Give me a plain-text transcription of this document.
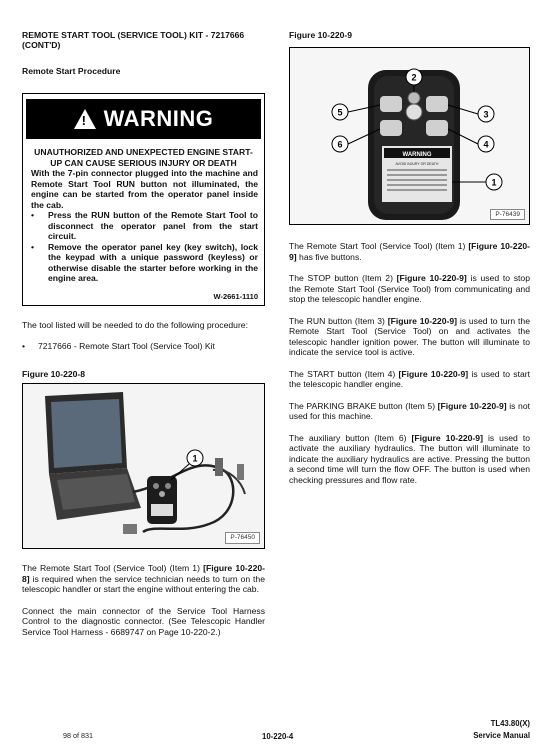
REMOTE START TOOL (SERVICE TOOL) KIT - 7217666 (CONT'D)
Remote Start Procedure
! WARNING
UNAUTHORIZED AND UNEXPECTED ENGINE START-UP CAN CAUSE SERIOUS INJURY OR DEATH
With the 7-pin connector plugged into the machine and Remote Start Tool RUN button not illuminated, the engine can be started from the operator panel inside the cab.
• Press the RUN button of the Remote Start Tool to disconnect the operator panel from the start circuit.
• Remove the operator panel key (key switch), lock the keypad with a unique password (keyless) or otherwise disable the starter before working in the engine area.
W-2661-1110

The tool listed will be needed to do the following procedure:

• 7217666 - Remote Start Tool (Service Tool) Kit
Figure 10-220-8
1
P-76450

The Remote Start Tool (Service Tool) (Item 1) [Figure 10-220-8] is required when the service technician needs to turn on the telescopic handler or start the engine without entering the cab.

Connect the main connector of the Service Tool Harness Control to the diagnostic connector. (See Telescopic Handler Service Tool Harness - 6689747 on Page 10-220-2.)

Figure 10-220-9
WARNING
AVOID INJURY OR DEATH
2
5
6
3
4
1
P-76439

The Remote Start Tool (Service Tool) (Item 1) [Figure 10-220-9] has five buttons.

The STOP button (Item 2) [Figure 10-220-9] is used to stop the Remote Start Tool (Service Tool) from communicating and stop the telescopic handler engine.

The RUN button (Item 3) [Figure 10-220-9] is used to turn the Remote Start Tool (Service Tool) on and activates the telescopic handler ignition power. The button will illuminate to indicate the service tool is active.

The START button (Item 4) [Figure 10-220-9] is used to start the telescopic handler engine.

The PARKING BRAKE button (Item 5) [Figure 10-220-9] is not used for this machine.

The auxiliary button (Item 6) [Figure 10-220-9] is used to activate the auxiliary hydraulics. The button will illuminate to indicate the auxiliary hydraulics are active. Pressing the button a second time will turn the flow OFF. The button is used when checking pressures and flow rate.

98 of 831	10-220-4
TL43.80(X)
Service Manual
